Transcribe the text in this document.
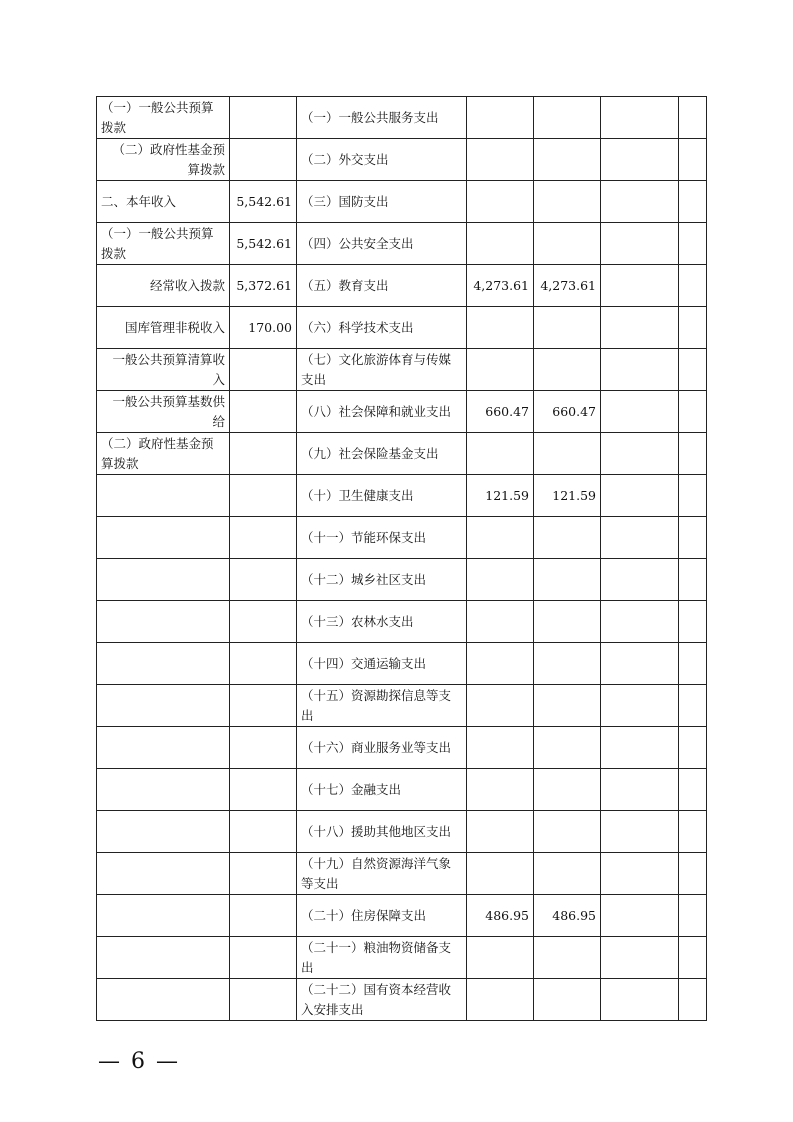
（一）一般公共预算拨款		（一）一般公共服务支出				
（二）政府性基金预算拨款		（二）外交支出				
二、本年收入	5,542.61	（三）国防支出				
（一）一般公共预算拨款	5,542.61	（四）公共安全支出				
经常收入拨款	5,372.61	（五）教育支出	4,273.61	4,273.61		
国库管理非税收入	170.00	（六）科学技术支出				
一般公共预算清算收入		（七）文化旅游体育与传媒支出				
一般公共预算基数供给		（八）社会保障和就业支出	660.47	660.47		
（二）政府性基金预算拨款		（九）社会保险基金支出				
		（十）卫生健康支出	121.59	121.59		
		（十一）节能环保支出				
		（十二）城乡社区支出				
		（十三）农林水支出				
		（十四）交通运输支出				
		（十五）资源勘探信息等支出				
		（十六）商业服务业等支出				
		（十七）金融支出				
		（十八）援助其他地区支出				
		（十九）自然资源海洋气象等支出				
		（二十）住房保障支出	486.95	486.95		
		（二十一）粮油物资储备支出				
		（二十二）国有资本经营收入安排支出				
— 6 —
